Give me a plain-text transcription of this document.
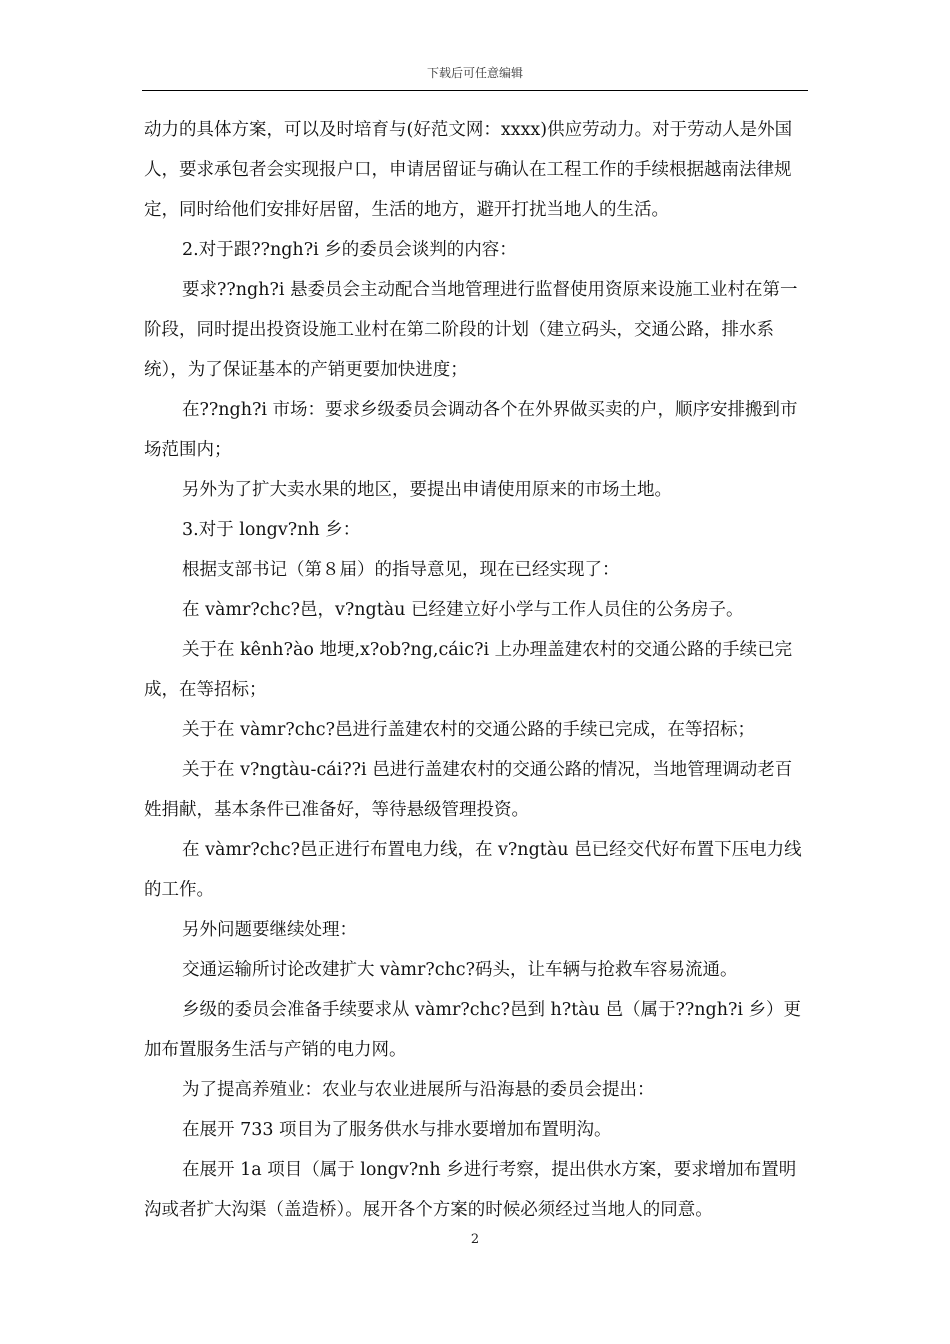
下载后可任意编辑

动力的具体方案，可以及时培育与(好范文网：xxxx)供应劳动力。对于劳动人是外国人，要求承包者会实现报户口，申请居留证与确认在工程工作的手续根据越南法律规定，同时给他们安排好居留，生活的地方，避开打扰当地人的生活。

2.对于跟??ngh?i 乡的委员会谈判的内容：

要求??ngh?i 悬委员会主动配合当地管理进行监督使用资原来设施工业村在第一阶段，同时提出投资设施工业村在第二阶段的计划（建立码头，交通公路，排水系统），为了保证基本的产销更要加快进度；

在??ngh?i 市场：要求乡级委员会调动各个在外界做买卖的户，顺序安排搬到市场范围内；

另外为了扩大卖水果的地区，要提出申请使用原来的市场土地。

3.对于 longv?nh 乡：

根据支部书记（第８届）的指导意见，现在已经实现了：

在 vàmr?chc?邑，v?ngtàu 已经建立好小学与工作人员住的公务房子。

关于在 kênh?ào 地埂,x?ob?ng,cáic?i 上办理盖建农村的交通公路的手续已完成，在等招标；

关于在 vàmr?chc?邑进行盖建农村的交通公路的手续已完成，在等招标；

关于在 v?ngtàu-cái??i 邑进行盖建农村的交通公路的情况，当地管理调动老百姓捐献，基本条件已准备好，等待悬级管理投资。

在 vàmr?chc?邑正进行布置电力线，在 v?ngtàu 邑已经交代好布置下压电力线的工作。

另外问题要继续处理：

交通运输所讨论改建扩大 vàmr?chc?码头，让车辆与抢救车容易流通。

乡级的委员会准备手续要求从 vàmr?chc?邑到 h?tàu 邑（属于??ngh?i 乡）更加布置服务生活与产销的电力网。

为了提高养殖业：农业与农业进展所与沿海悬的委员会提出：

在展开 733 项目为了服务供水与排水要增加布置明沟。

在展开 1a 项目（属于 longv?nh 乡进行考察，提出供水方案，要求增加布置明沟或者扩大沟渠（盖造桥）。展开各个方案的时候必须经过当地人的同意。

2
